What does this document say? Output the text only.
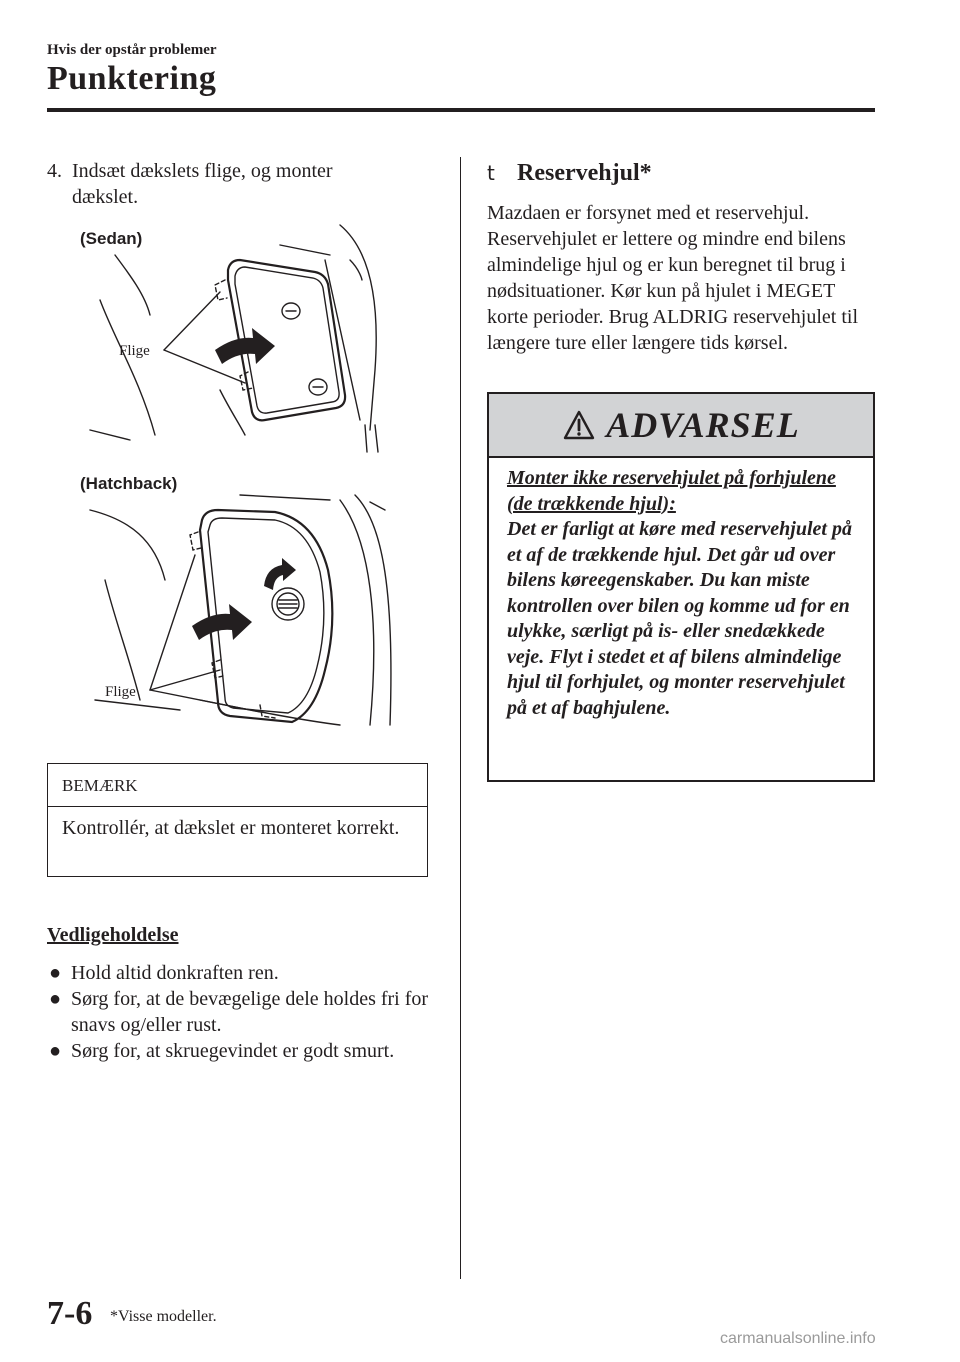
Hvis der opstår problemer
Punktering
4. Indsæt dækslets flige, og monter
dækslet.
(Sedan)
Flige
(Hatchback)
Flige
BEMÆRK
Kontrollér, at dækslet er monteret korrekt.
Vedligeholdelse
● Hold altid donkraften ren.
● Sørg for, at de bevægelige dele holdes fri for snavs og/eller rust.
● Sørg for, at skruegevindet er godt smurt.
t Reservehjul*
Mazdaen er forsynet med et reservehjul. Reservehjulet er lettere og mindre end bilens almindelige hjul og er kun beregnet til brug i nødsituationer. Kør kun på hjulet i MEGET korte perioder. Brug ALDRIG reservehjulet til længere ture eller længere tids kørsel.
ADVARSEL
Monter ikke reservehjulet på forhjulene (de trækkende hjul):
Det er farligt at køre med reservehjulet på et af de trækkende hjul. Det går ud over bilens køreegenskaber. Du kan miste kontrollen over bilen og komme ud for en ulykke, særligt på is- eller snedækkede veje. Flyt i stedet et af bilens almindelige hjul til forhjulet, og monter reservehjulet på et af baghjulene.
7-6 *Visse modeller.
carmanualsonline.info
